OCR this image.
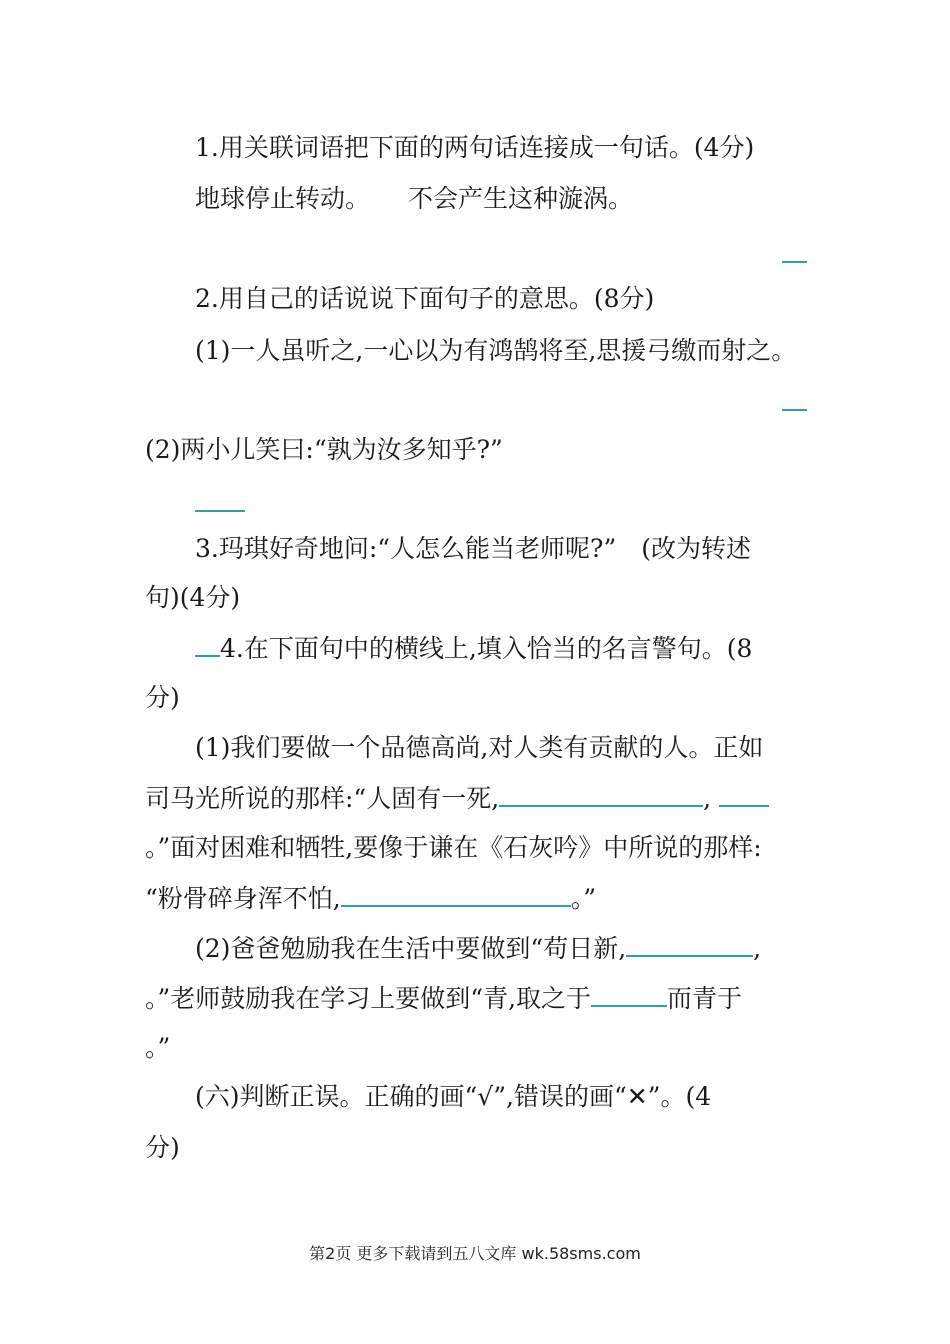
1.用关联词语把下面的两句话连接成一句话。(4分)
地球停止转动。 不会产生这种漩涡。
2.用自己的话说说下面句子的意思。(8分)
(1)一人虽听之,一心以为有鸿鹄将至,思援弓缴而射之。
(2)两小儿笑曰:“孰为汝多知乎?”
3.玛琪好奇地问:“人怎么能当老师呢?”　(改为转述
句)(4分)
4.在下面句中的横线上,填入恰当的名言警句。(8
分)
(1)我们要做一个品德高尚,对人类有贡献的人。正如
司马光所说的那样:“人固有一死,	,
。”面对困难和牺牲,要像于谦在《石灰吟》中所说的那样:
“粉骨碎身浑不怕,	。”
(2)爸爸勉励我在生活中要做到“苟日新,	,
。”老师鼓励我在学习上要做到“青,取之于	而青于
。”
(六)判断正误。正确的画“√”,错误的画“✕”。(4
分)
第2页 更多下载请到五八文库 wk.58sms.com
